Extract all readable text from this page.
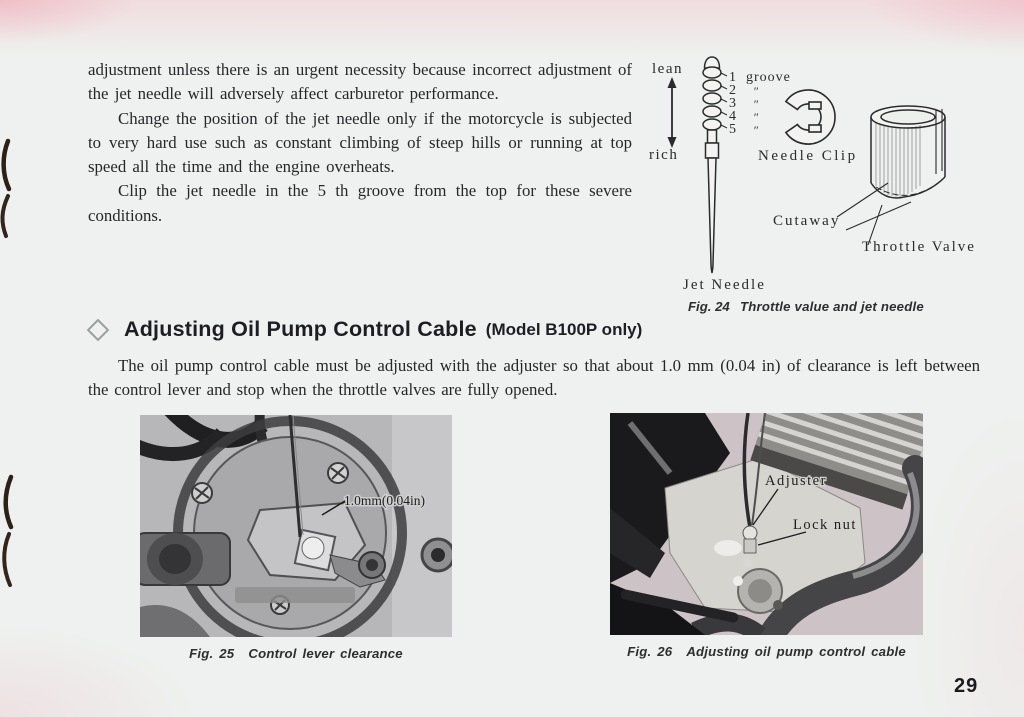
adjustment unless there is an urgent necessity because incorrect adjustment of the jet needle will adversely affect carburetor performance.

Change the position of the jet needle only if the motorcycle is subjected to very hard use such as constant climbing of steep hills or running at top speed all the time and the engine overheats.

Clip the jet needle in the 5 th groove from the top for these severe conditions.

lean
rich
1
2
3
4
5
groove
″
″
″
″
Needle Clip
Cutaway
Throttle Valve
Jet Needle
Fig. 24 Throttle value and jet needle
Adjusting Oil Pump Control Cable (Model B100P only)

The oil pump control cable must be adjusted with the adjuster so that about 1.0 mm (0.04 in) of clearance is left between the control lever and stop when the throttle valves are fully opened.

1.0mm(0.04in)
Fig. 25 Control lever clearance
Adjuster
Lock nut
Fig. 26 Adjusting oil pump control cable
29
